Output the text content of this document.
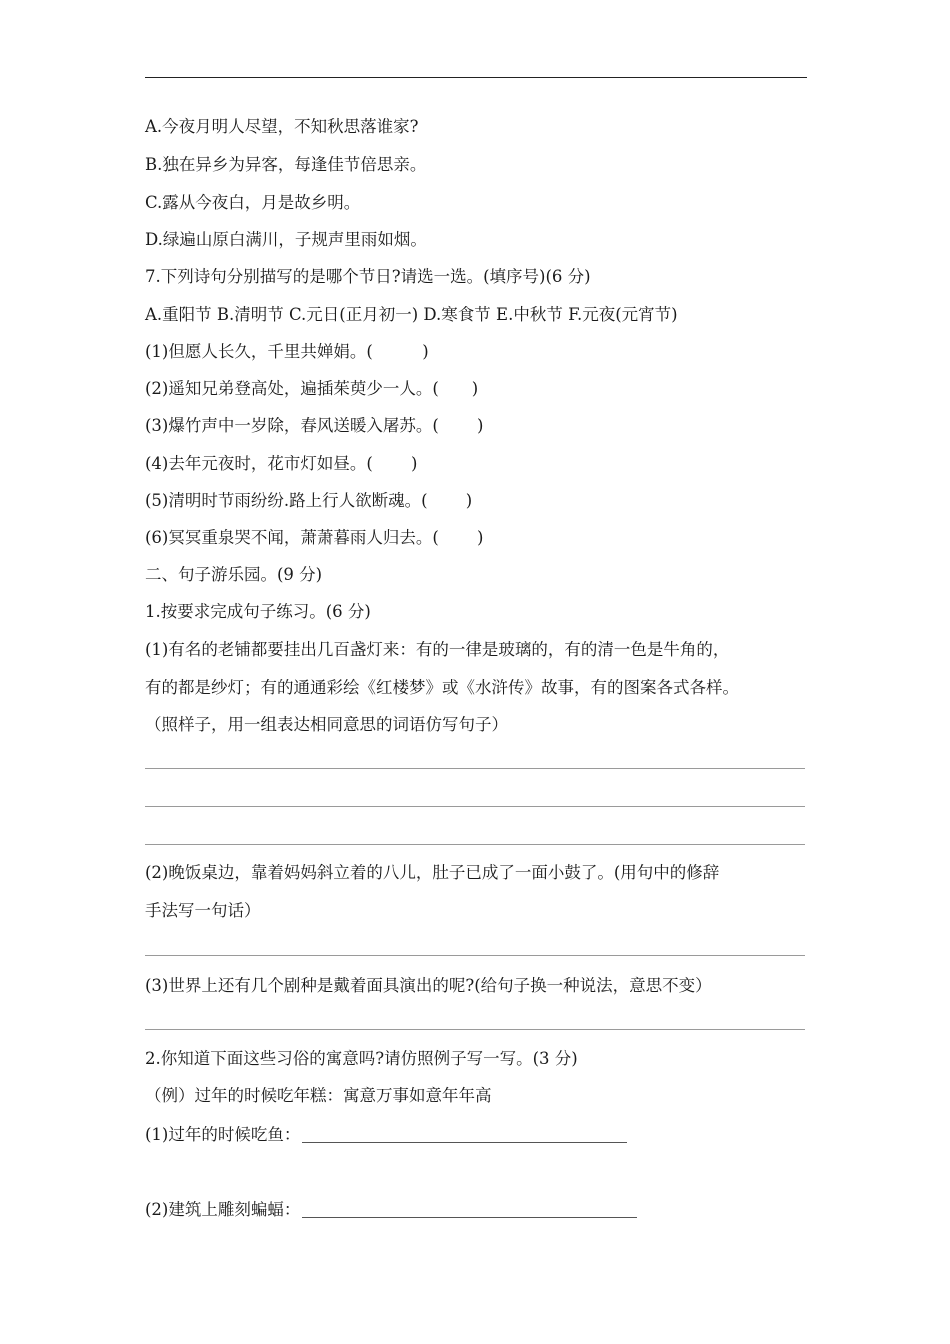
A.今夜月明人尽望，不知秋思落谁家?
B.独在异乡为异客，每逢佳节倍思亲。
C.露从今夜白，月是故乡明。
D.绿遍山原白满川，子规声里雨如烟。
7.下列诗句分别描写的是哪个节日?请选一选。(填序号)(6 分)
A.重阳节 B.清明节 C.元日(正月初一) D.寒食节 E.中秋节 F.元夜(元宵节)
(1)但愿人长久，千里共婵娟。(　　　)
(2)遥知兄弟登高处，遍插茱萸少一人。(　　)
(3)爆竹声中一岁除，春风送暖入屠苏。(　　 )
(4)去年元夜时，花市灯如昼。(　　 )
(5)清明时节雨纷纷.路上行人欲断魂。(　　 )
(6)冥冥重泉哭不闻，萧萧暮雨人归去。(　　 )
二、句子游乐园。(9 分)
1.按要求完成句子练习。(6 分)
(1)有名的老铺都要挂出几百盏灯来：有的一律是玻璃的，有的清一色是牛角的，
有的都是纱灯；有的通通彩绘《红楼梦》或《水浒传》故事，有的图案各式各样。
（照样子，用一组表达相同意思的词语仿写句子）
(2)晚饭桌边，靠着妈妈斜立着的八儿，肚子已成了一面小鼓了。(用句中的修辞
手法写一句话）
(3)世界上还有几个剧种是戴着面具演出的呢?(给句子换一种说法，意思不变）
2.你知道下面这些习俗的寓意吗?请仿照例子写一写。(3 分)
（例）过年的时候吃年糕：寓意万事如意年年高
(1)过年的时候吃鱼：
(2)建筑上雕刻蝙蝠：
